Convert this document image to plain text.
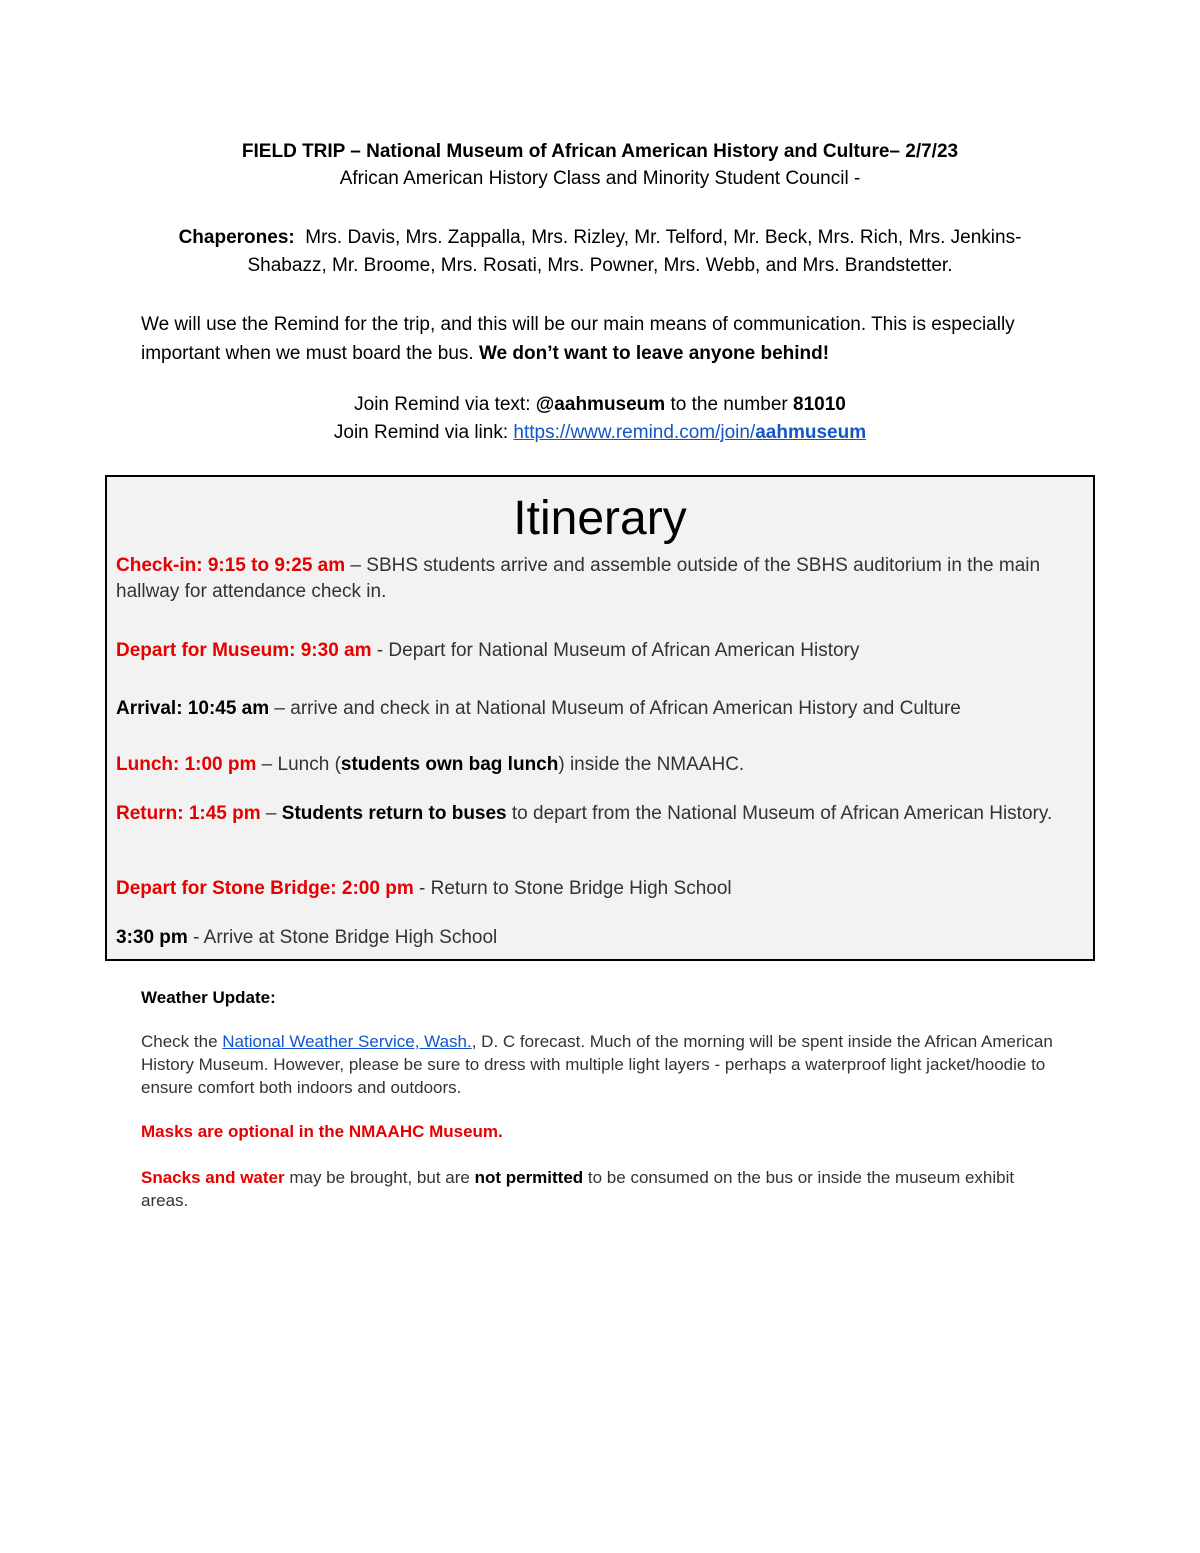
FIELD TRIP – National Museum of African American History and Culture– 2/7/23
African American History Class and Minority Student Council -
Chaperones: Mrs. Davis, Mrs. Zappalla, Mrs. Rizley, Mr. Telford, Mr. Beck, Mrs. Rich, Mrs. Jenkins-Shabazz, Mr. Broome, Mrs. Rosati, Mrs. Powner, Mrs. Webb, and Mrs. Brandstetter.
We will use the Remind for the trip, and this will be our main means of communication. This is especially important when we must board the bus. We don’t want to leave anyone behind!
Join Remind via text: @aahmuseum to the number 81010
Join Remind via link: https://www.remind.com/join/aahmuseum
Itinerary
Check-in: 9:15 to 9:25 am – SBHS students arrive and assemble outside of the SBHS auditorium in the main hallway for attendance check in.
Depart for Museum: 9:30 am - Depart for National Museum of African American History
Arrival: 10:45 am – arrive and check in at National Museum of African American History and Culture
Lunch: 1:00 pm – Lunch (students own bag lunch) inside the NMAAHC.
Return: 1:45 pm – Students return to buses to depart from the National Museum of African American History.
Depart for Stone Bridge: 2:00 pm - Return to Stone Bridge High School
3:30 pm - Arrive at Stone Bridge High School
Weather Update:
Check the National Weather Service, Wash., D. C forecast. Much of the morning will be spent inside the African American History Museum. However, please be sure to dress with multiple light layers - perhaps a waterproof light jacket/hoodie to ensure comfort both indoors and outdoors.
Masks are optional in the NMAAHC Museum.
Snacks and water may be brought, but are not permitted to be consumed on the bus or inside the museum exhibit areas.
